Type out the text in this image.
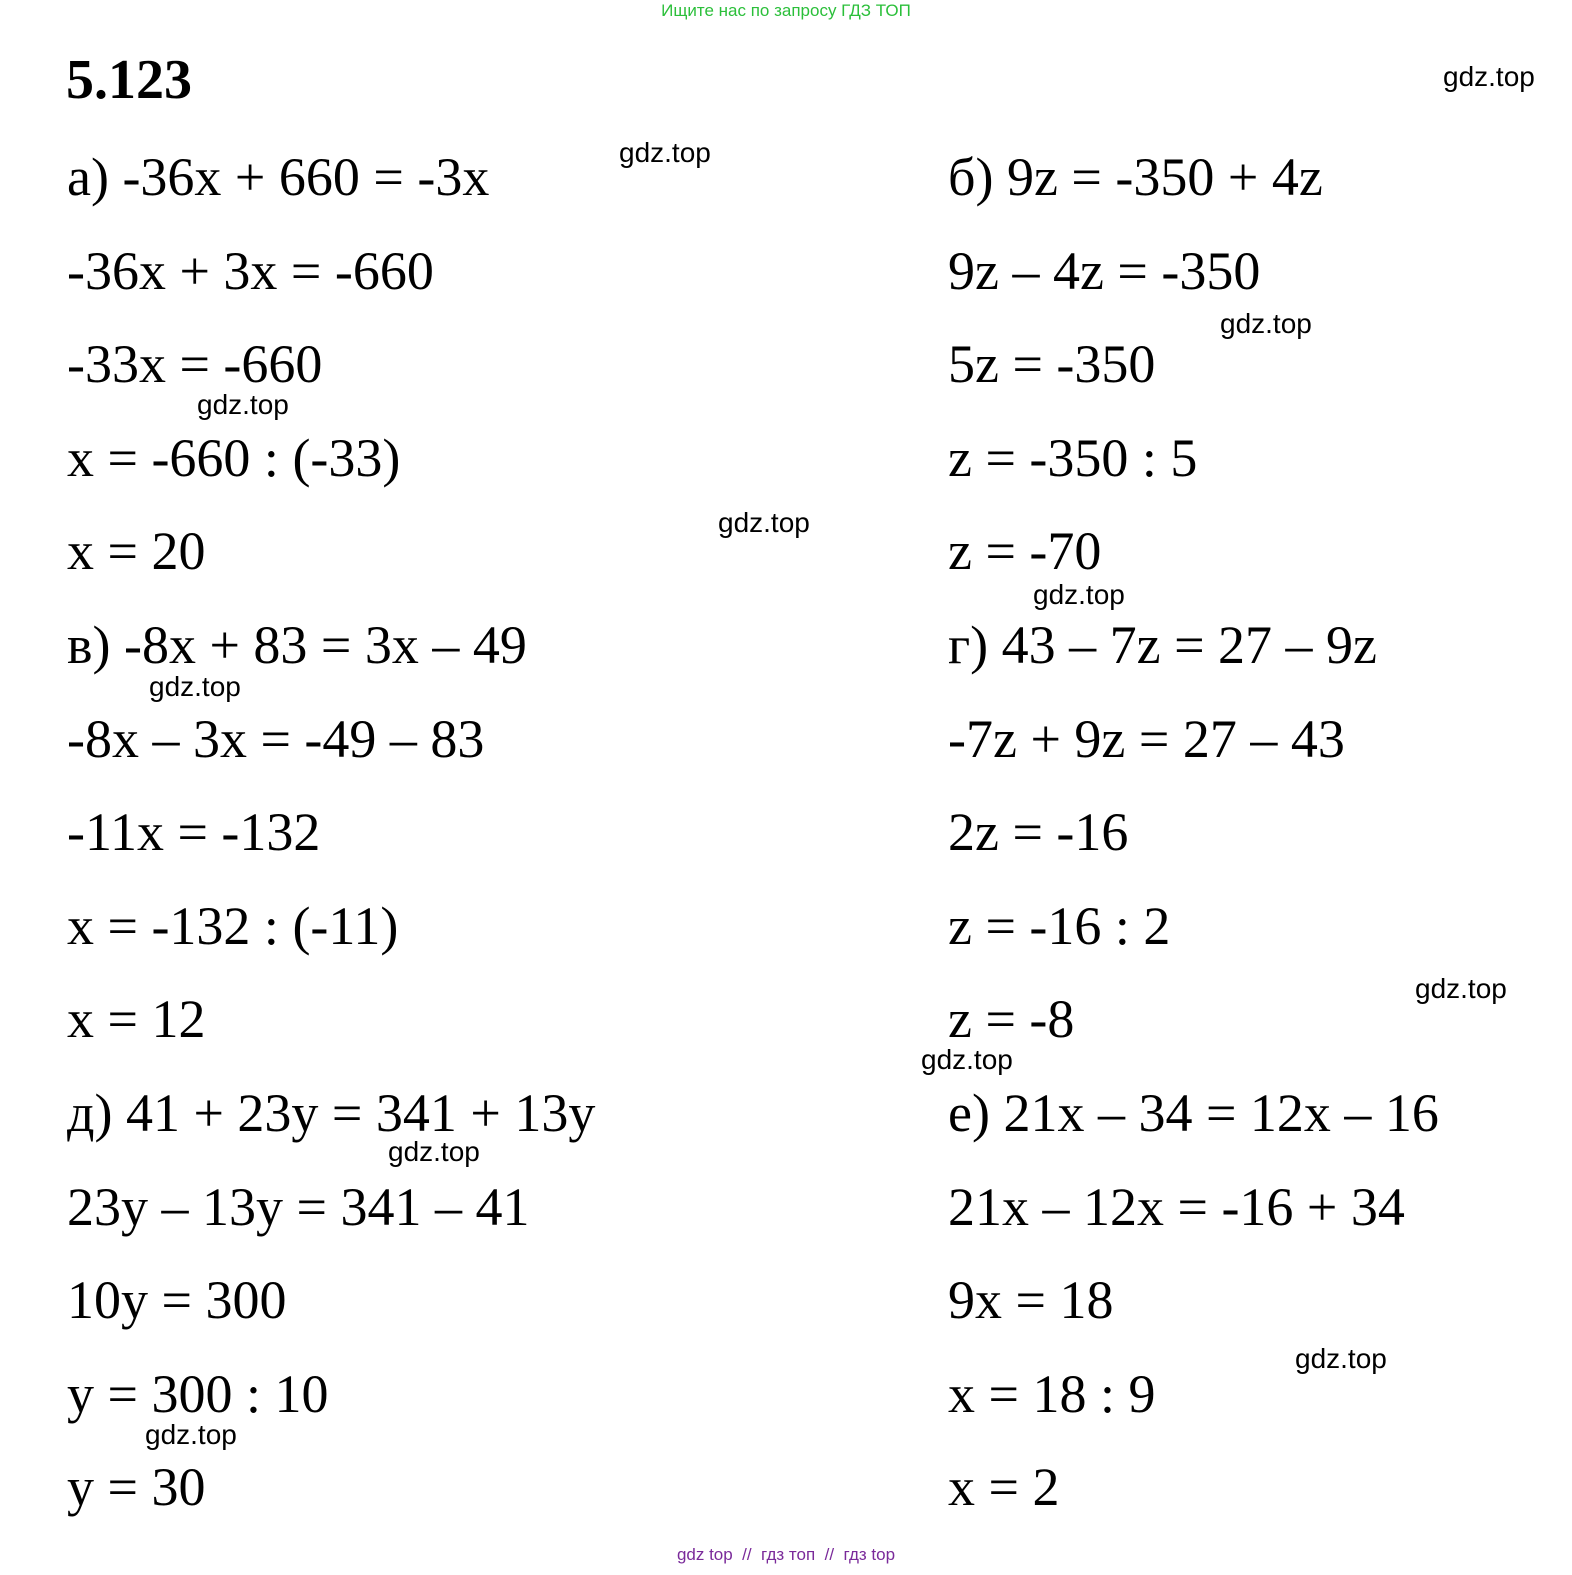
Ищите нас по запросу ГДЗ ТОП
5.123
а) -36x + 660 = -3x
-36x + 3x = -660
-33x = -660
x = -660 : (-33)
x = 20
в) -8x + 83 = 3x – 49
-8x – 3x = -49 – 83
-11x = -132
x = -132 : (-11)
x = 12
д) 41 + 23y = 341 + 13y
23y – 13y = 341 – 41
10y = 300
y = 300 : 10
y = 30
б) 9z = -350 + 4z
9z – 4z = -350
5z = -350
z = -350 : 5
z = -70
г) 43 – 7z = 27 – 9z
-7z + 9z = 27 – 43
2z = -16
z = -16 : 2
z = -8
е) 21x – 34 = 12x – 16
21x – 12x = -16 + 34
9x = 18
x = 18 : 9
x = 2
gdz.top
gdz.top
gdz.top
gdz.top
gdz.top
gdz.top
gdz.top
gdz.top
gdz.top
gdz.top
gdz.top
gdz.top
gdz top  //  гдз топ  //  гдз top
